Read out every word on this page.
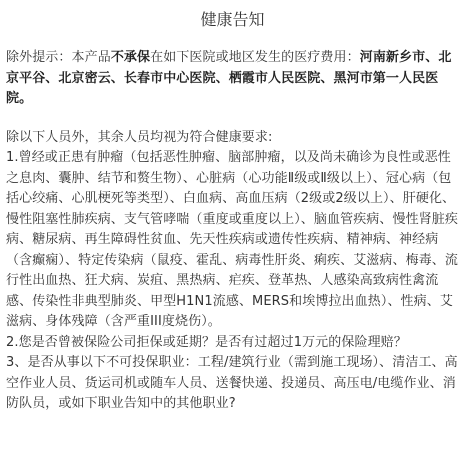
健康告知

除外提示：本产品不承保在如下医院或地区发生的医疗费用：河南新乡市、北京平谷、北京密云、长春市中心医院、栖霞市人民医院、黑河市第一人民医院。

除以下人员外，其余人员均视为符合健康要求:

1.曾经或正患有肿瘤（包括恶性肿瘤、脑部肿瘤，以及尚未确诊为良性或恶性之息肉、囊肿、结节和赘生物）、心脏病（心功能Ⅱ级或Ⅱ级以上）、冠心病（包括心绞痛、心肌梗死等类型）、白血病、高血压病（2级或2级以上）、肝硬化、慢性阻塞性肺疾病、支气管哮喘（重度或重度以上）、脑血管疾病、慢性肾脏疾病、糖尿病、再生障碍性贫血、先天性疾病或遗传性疾病、精神病、神经病（含癫痫）、特定传染病（鼠疫、霍乱、病毒性肝炎、痢疾、艾滋病、梅毒、流行性出血热、狂犬病、炭疽、黑热病、疟疾、登革热、人感染高致病性禽流感、传染性非典型肺炎、甲型H1N1流感、MERS和埃博拉出血热）、性病、艾滋病、身体残障（含严重III度烧伤）。

2.您是否曾被保险公司拒保或延期？是否有过超过1万元的保险理赔？

3、是否从事以下不可投保职业：工程/建筑行业（需到施工现场）、清洁工、高空作业人员、货运司机或随车人员、送餐快递、投递员、高压电/电缆作业、消防队员，或如下职业告知中的其他职业?
